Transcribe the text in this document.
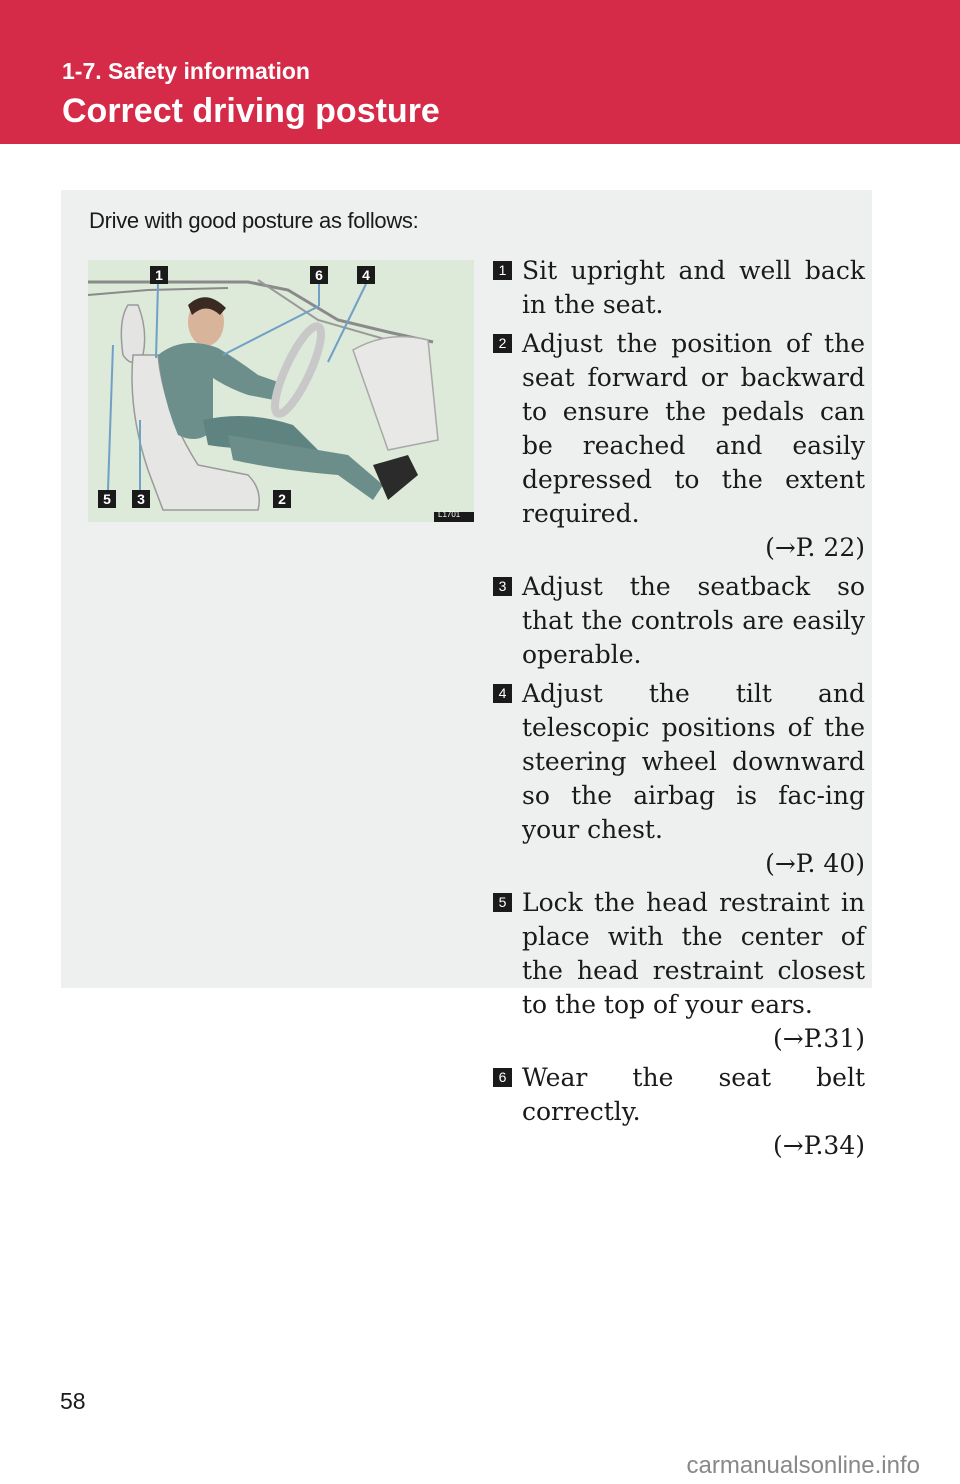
1-7. Safety information
Correct driving posture
Drive with good posture as follows:
1	6	4
5 3	2
L1701
1 Sit upright and well back in the seat.
2 Adjust the position of the seat forward or backward to ensure the pedals can be reached and easily depressed to the extent required.
(→P. 22)
3 Adjust the seatback so that the controls are easily operable.
4 Adjust the tilt and telescopic positions of the steering wheel downward so the airbag is fac-ing your chest.
(→P. 40)
5 Lock the head restraint in place with the center of the head restraint closest to the top of your ears.
(→P.31)
6 Wear the seat belt correctly.
(→P.34)
58
carmanualsonline.info
